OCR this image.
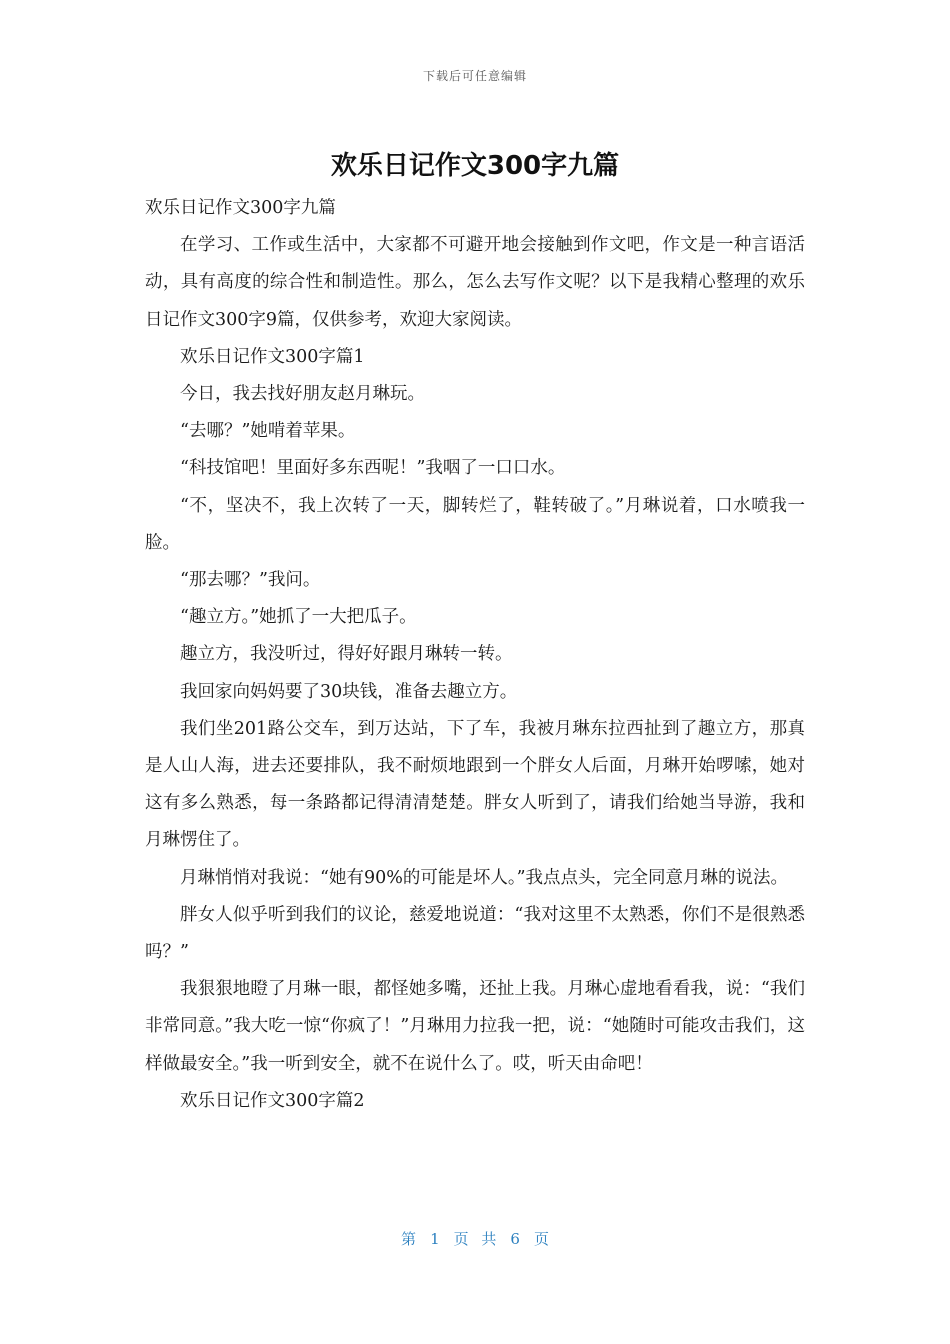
下载后可任意编辑
欢乐日记作文300字九篇

欢乐日记作文300字九篇

在学习、工作或生活中，大家都不可避开地会接触到作文吧，作文是一种言语活动，具有高度的综合性和制造性。那么，怎么去写作文呢？以下是我精心整理的欢乐日记作文300字9篇，仅供参考，欢迎大家阅读。

欢乐日记作文300字篇1

今日，我去找好朋友赵月琳玩。

“去哪？”她啃着苹果。

“科技馆吧！里面好多东西呢！”我咽了一口口水。

“不，坚决不，我上次转了一天，脚转烂了，鞋转破了。”月琳说着，口水喷我一脸。

“那去哪？”我问。

“趣立方。”她抓了一大把瓜子。

趣立方，我没听过，得好好跟月琳转一转。

我回家向妈妈要了30块钱，准备去趣立方。

我们坐201路公交车，到万达站，下了车，我被月琳东拉西扯到了趣立方，那真是人山人海，进去还要排队，我不耐烦地跟到一个胖女人后面，月琳开始啰嗦，她对这有多么熟悉，每一条路都记得清清楚楚。胖女人听到了，请我们给她当导游，我和月琳愣住了。

月琳悄悄对我说：“她有90%的可能是坏人。”我点点头，完全同意月琳的说法。

胖女人似乎听到我们的议论，慈爱地说道：“我对这里不太熟悉，你们不是很熟悉吗？”

我狠狠地瞪了月琳一眼，都怪她多嘴，还扯上我。月琳心虚地看看我，说：“我们非常同意。”我大吃一惊“你疯了！”月琳用力拉我一把，说：“她随时可能攻击我们，这样做最安全。”我一听到安全，就不在说什么了。哎，听天由命吧！

欢乐日记作文300字篇2

第 1 页 共 6 页
